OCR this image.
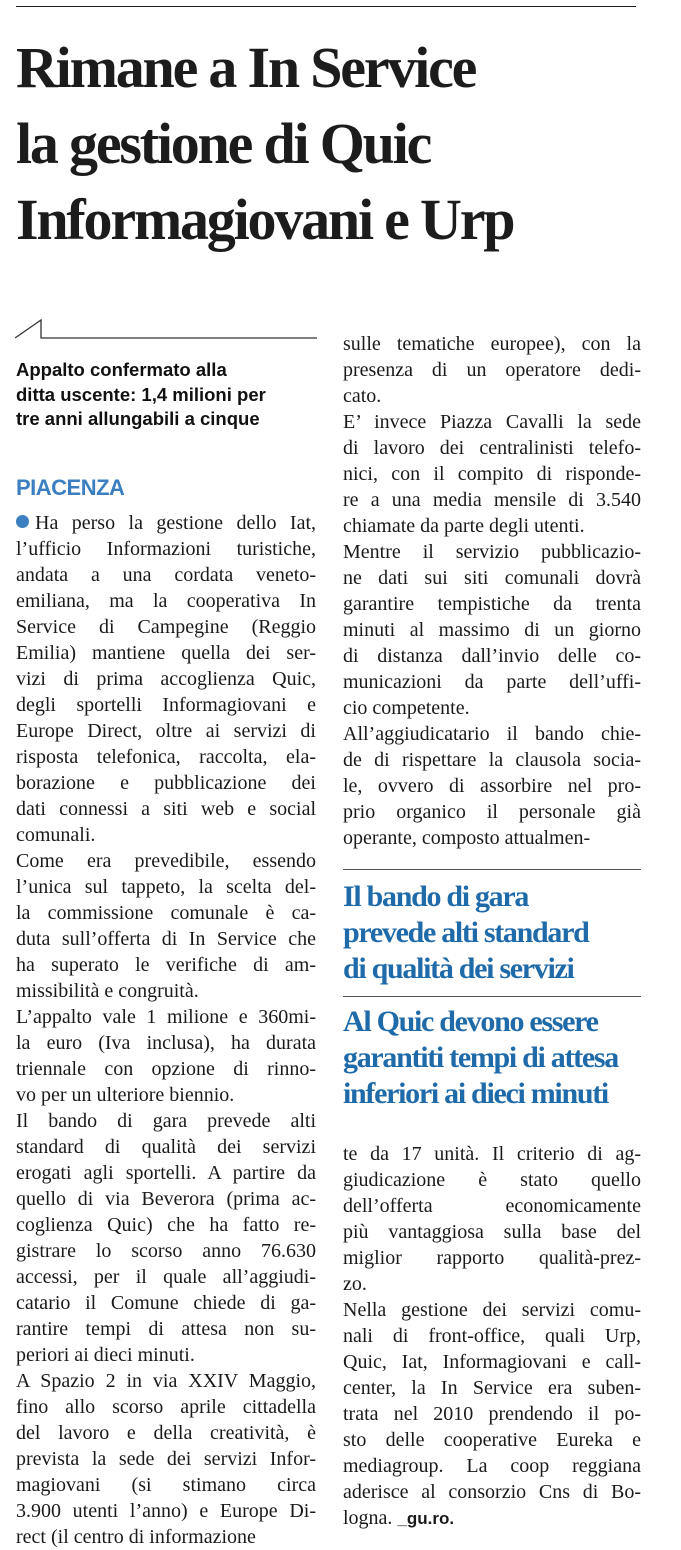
Rimane a In Service
la gestione di Quic
Informagiovani e Urp
Appalto confermato alla
ditta uscente: 1,4 milioni per
tre anni allungabili a cinque
PIACENZA
Ha perso la gestione dello Iat,
l’ufficio Informazioni turistiche,
andata a una cordata veneto-
emiliana, ma la cooperativa In
Service di Campegine (Reggio
Emilia) mantiene quella dei ser-
vizi di prima accoglienza Quic,
degli sportelli Informagiovani e
Europe Direct, oltre ai servizi di
risposta telefonica, raccolta, ela-
borazione e pubblicazione dei
dati connessi a siti web e social
comunali.
Come era prevedibile, essendo
l’unica sul tappeto, la scelta del-
la commissione comunale è ca-
duta sull’offerta di In Service che
ha superato le verifiche di am-
missibilità e congruità.
L’appalto vale 1 milione e 360mi-
la euro (Iva inclusa), ha durata
triennale con opzione di rinno-
vo per un ulteriore biennio.
Il bando di gara prevede alti
standard di qualità dei servizi
erogati agli sportelli. A partire da
quello di via Beverora (prima ac-
coglienza Quic) che ha fatto re-
gistrare lo scorso anno 76.630
accessi, per il quale all’aggiudi-
catario il Comune chiede di ga-
rantire tempi di attesa non su-
periori ai dieci minuti.
A Spazio 2 in via XXIV Maggio,
fino allo scorso aprile cittadella
del lavoro e della creatività, è
prevista la sede dei servizi Infor-
magiovani (si stimano circa
3.900 utenti l’anno) e Europe Di-
rect (il centro di informazione
sulle tematiche europee), con la
presenza di un operatore dedi-
cato.
E’ invece Piazza Cavalli la sede
di lavoro dei centralinisti telefo-
nici, con il compito di risponde-
re a una media mensile di 3.540
chiamate da parte degli utenti.
Mentre il servizio pubblicazio-
ne dati sui siti comunali dovrà
garantire tempistiche da trenta
minuti al massimo di un giorno
di distanza dall’invio delle co-
municazioni da parte dell’uffi-
cio competente.
All’aggiudicatario il bando chie-
de di rispettare la clausola socia-
le, ovvero di assorbire nel pro-
prio organico il personale già
operante, composto attualmen-
Il bando di gara
prevede alti standard
di qualità dei servizi
Al Quic devono essere
garantiti tempi di attesa
inferiori ai dieci minuti
te da 17 unità. Il criterio di ag-
giudicazione è stato quello
dell’offerta economicamente
più vantaggiosa sulla base del
miglior rapporto qualità-prez-
zo.
Nella gestione dei servizi comu-
nali di front-office, quali Urp,
Quic, Iat, Informagiovani e call-
center, la In Service era suben-
trata nel 2010 prendendo il po-
sto delle cooperative Eureka e
mediagroup. La coop reggiana
aderisce al consorzio Cns di Bo-
logna. _gu.ro.
